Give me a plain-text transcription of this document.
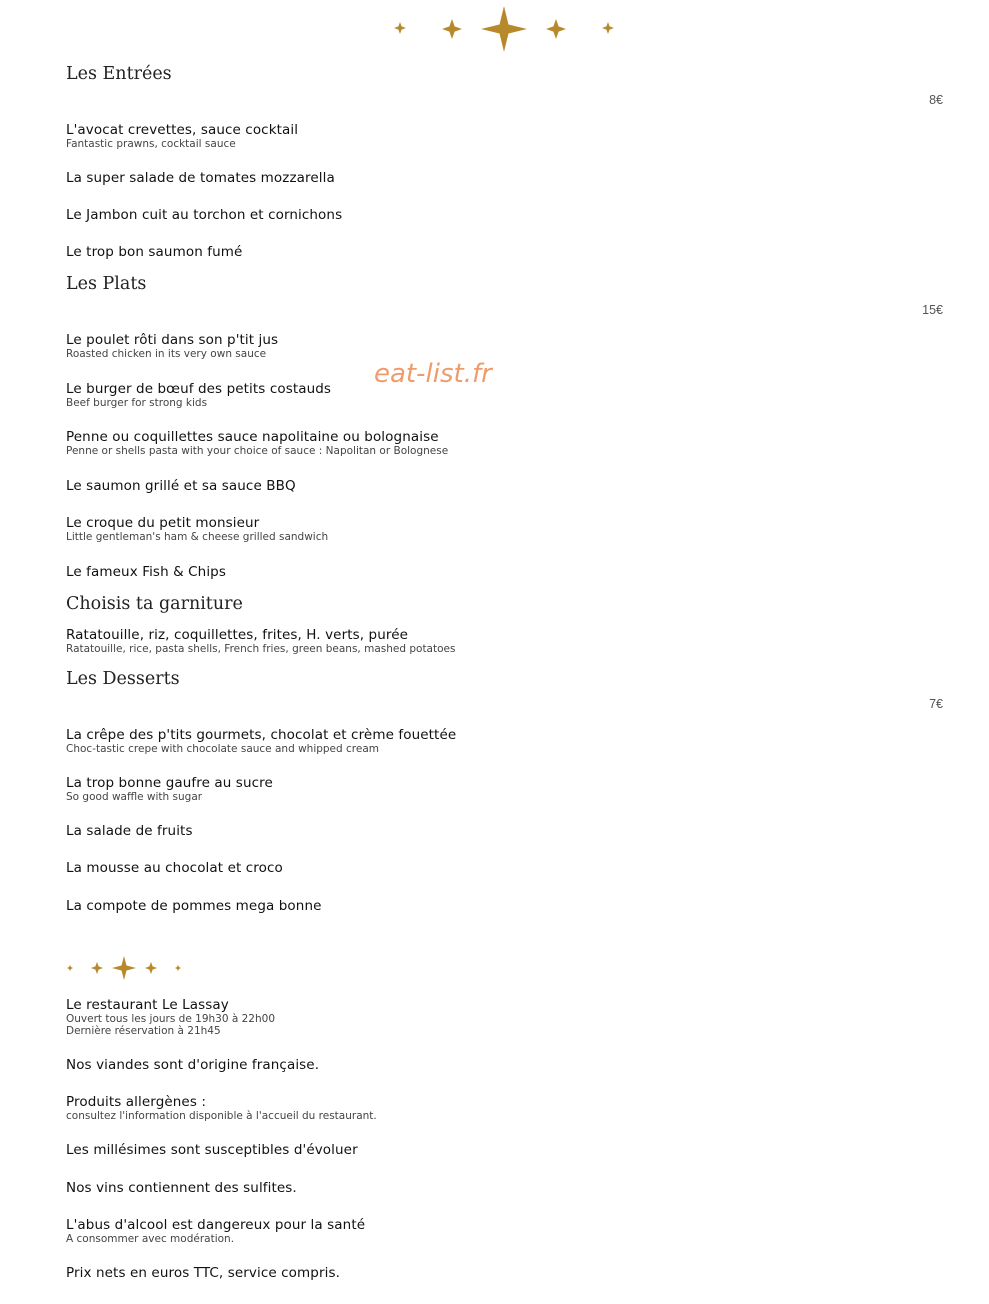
Les Entrées
8€
L'avocat crevettes, sauce cocktail
Fantastic prawns, cocktail sauce
La super salade de tomates mozzarella
Le Jambon cuit au torchon et cornichons
Le trop bon saumon fumé
Les Plats
15€
Le poulet rôti dans son p'tit jus
Roasted chicken in its very own sauce
Le burger de bœuf des petits costauds
Beef burger for strong kids
Penne ou coquillettes sauce napolitaine ou bolognaise
Penne or shells pasta with your choice of sauce : Napolitan or Bolognese
Le saumon grillé et sa sauce BBQ
Le croque du petit monsieur
Little gentleman's ham & cheese grilled sandwich
Le fameux Fish & Chips
eat-list.fr
Choisis ta garniture
Ratatouille, riz, coquillettes, frites, H. verts, purée
Ratatouille, rice, pasta shells, French fries, green beans, mashed potatoes
Les Desserts
7€
La crêpe des p'tits gourmets, chocolat et crème fouettée
Choc-tastic crepe with chocolate sauce and whipped cream
La trop bonne gaufre au sucre
So good waffle with sugar
La salade de fruits
La mousse au chocolat et croco
La compote de pommes mega bonne
Le restaurant Le Lassay
Ouvert tous les jours de 19h30 à 22h00
Dernière réservation à 21h45
Nos viandes sont d'origine française.
Produits allergènes :
consultez l'information disponible à l'accueil du restaurant.
Les millésimes sont susceptibles d'évoluer
Nos vins contiennent des sulfites.
L'abus d'alcool est dangereux pour la santé
A consommer avec modération.
Prix nets en euros TTC, service compris.
